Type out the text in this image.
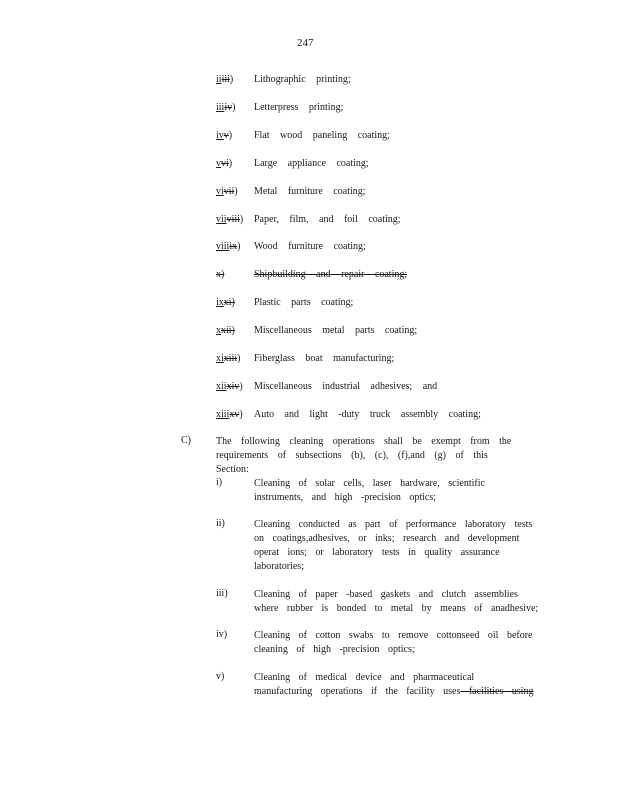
247
iiiii) Lithographic printing;
iiiiv) Letterpress printing;
ivv) Flat wood paneling coating;
vvi) Large appliance coating;
vivii) Metal furniture coating;
viiviii) Paper, film, and foil coating;
viiiix) Wood furniture coating;
x)	Shipbuilding and repair coating;
ixxi) Plastic parts coating;
xxii) Miscellaneous metal parts coating;
xixiii) Fiberglass boat manufacturing;
xiixiv) Miscellaneous industrial adhesives; and
xiiixv) Auto and light -duty truck assembly coating;
C)	The following cleaning operations shall be exempt from the
requirements of subsections (b), (c), (f),and (g) of this Section:
i)	Cleaning of solar cells, laser hardware, scientific
instruments, and high -precision optics;
ii)	Cleaning conducted as part of performance laboratory tests
on coatings,adhesives, or inks; research and development
operat ions; or laboratory tests in quality assurance
laboratories;
iii)	Cleaning of paper -based gaskets and clutch assemblies
where rubber is bonded to metal by means of anadhesive;
iv)	Cleaning of cotton swabs to remove cottonseed oil before
cleaning of high -precision optics;
v)	Cleaning of medical device and pharmaceutical
manufacturing operations if the facility uses facilities using
